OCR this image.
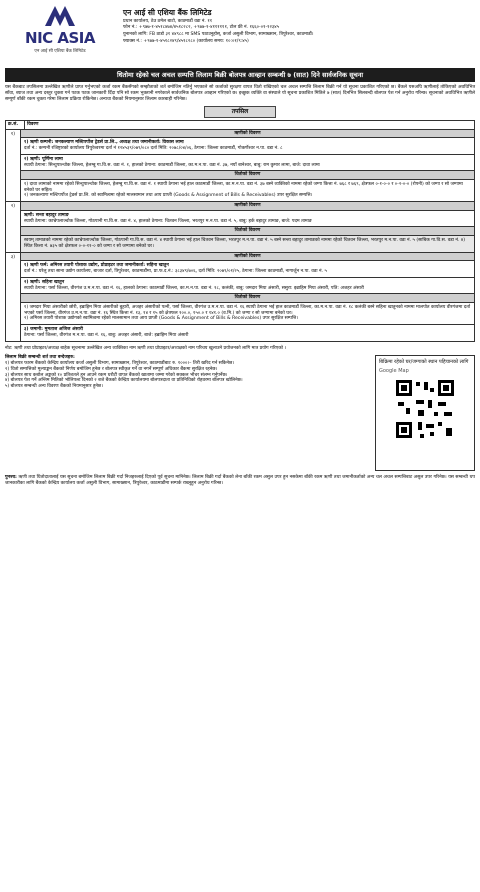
NIC ASIA
एन आई सी एशिया बैंक लिमिटेड
एन आई सी एशिया बैंक लिमिटेड
प्रधान कार्यालय, ठेउ ठमेल बाटो, काठमाडौं वडा नं. ११
फोन नं.: +९७७-१-४५१८४७४/४५१८२८२, +९७७-१-४११११११, टोल फ्री नं. १६६०-०१-१२३४५
युनानको लागि: FB ठाडो ३१ ४४९८८ मा SMS पठाउनुहोस्, कर्जा असुली विभाग, सामाख्सान, त्रिपुरेश्वर, काठमाडौं।
फ्याक्स नं.: +९७७-१-४५१८२४९/४५१८२८० (कार्यालय समय: १०:०१/९:४५)
धितोमा रहेको चल अचल सम्पत्ति लिलाम बिक्री बोलपत्र आव्हान सम्बन्धी ७ (सात) दिने सार्वजनिक सूचना
यस बैंकबाट तपसिलमा उल्लेखित ऋणीले प्राप्त गर्नुभएको कर्जा रकम बैंकसँगको सम्झौताको शर्त बमोजिम नतिर्नु भएकाले सो कर्जाको सुरक्षण वापत धितो राखिएको चल अचल सम्पत्ति लिलाम बिक्री गर्न यो सूचना प्रकाशित गरिएको छ। बैंकले यसअघि ऋणीलाई तोकिएको अवधिभित्र साँवा, ब्याज तथा अन्य दस्तुर चुक्ता गर्न पटक पटक जानकारी दिँदा पनि सो रकम भुक्तानी नगरेकाले सार्वजनिक बोलपत्र आव्हान गरिएको छ। इच्छुक व्यक्ति वा संस्थाले यो सूचना प्रकाशित मितिले ७ (सात) दिनभित्र सिलबन्दी बोलपत्र पेश गर्न अनुरोध गरिन्छ। सूचनाको अवधिभित्र ऋणीले सम्पूर्ण बाँकी रकम चुक्ता गरेमा लिलाम प्रक्रिया रोकिनेछ। अन्यथा बैंकको नियमानुसार लिलाम कारबाही गरिनेछ।
तपसिल
क्र.सं.	विवरण
१)	ऋणीको विवरण
१) ऋणी कम्पनी: जनकल्याण मल्टिपर्पोज ट्रेडर्स प्रा.लि., अध्यक्ष तथा जमानीकर्ता: विकास लामा
दर्ता नं.: कम्पनी रजिष्ट्रारको कार्यालय त्रिपुरेश्वरमा दर्ता नं १२४५३९/०७९/०८० दर्ता मिति: २०७८/०४/०६, ठेगाना: जिल्ला काठमाडौं, गोकर्णेश्वर न.पा. वडा नं. ८
२) ऋणी: पूर्णिमा लामा
स्थायी ठेगाना: सिन्धुपाल्चोक जिल्ला, हेलम्बु गा.वि.स. वडा नं. १, हालको ठेगाना: काठमाडौं जिल्ला, का.म.न.पा. वडा नं. ३७, नयाँ बानेश्वर, बाबु: राम कुमार लामा, बाजे: दावा लामा
धितोको विवरण
१) दावा लामाको नाममा रहेको सिन्धुपाल्चोक जिल्ला, हेलम्बु गा.वि.स. वडा नं. १ स्थायी ठेगाना भई हाल काठमाडौं जिल्ला, का.म.न.पा. वडा नं. ३७ बस्ने व्यक्तिको नाममा रहेको जग्गा कित्ता नं. ७६८ र ७६९, क्षेत्रफल ०-१-०-० र ०-२-०-० (रोपनी) को जग्गा र सो जग्गामा बनेको घर सहित।
२) जनकल्याण मल्टिपर्पोज ट्रेडर्स प्रा.लि. को स्वामित्वमा रहेको मालसामान तथा आय प्राप्ती (Goods & Assignment of Bills & Receivables) उपर सुरक्षित सम्पत्ति।
२)	ऋणीको विवरण
ऋणी: सन्ता बहादुर तामाङ
स्थायी ठेगाना: काभ्रेपलाञ्चोक जिल्ला, गोठपानी गा.वि.स. वडा नं. ४, हालको ठेगाना: चितवन जिल्ला, भरतपुर म.न.पा. वडा नं. ५, बाबु: हर्क बहादुर तामाङ, बाजे: पदम तामाङ
धितोको विवरण
स्वयम् तामाङको नाममा रहेको काभ्रेपलाञ्चोक जिल्ला, गोठपानी गा.वि.स. वडा नं. ४ स्थायी ठेगाना भई हाल चितवन जिल्ला, भरतपुर म.न.पा. वडा नं. ५ बस्ने सन्ता बहादुर तामाङको नाममा रहेको चितवन जिल्ला, भरतपुर म.न.पा. वडा नं. ५ (साबिक गा.वि.स. वडा नं. ४) स्थित कित्ता नं. ७३५ को क्षेत्रफल ०-०-११-० को जग्गा र सो जग्गामा बनेको घर।
३)	ऋणीको विवरण
१) ऋणी फर्म: अमिरस तयारी पोशाक उद्योग, प्रोप्राइटर तथा जमानीकर्ता: सहिना खातुन
दर्ता नं.: घरेलु तथा साना उद्योग कार्यालय, बाजार दर्ता, त्रिपुरेश्वर, काठमाडौंमा, प्रा.फ.द.नं.: ३८३४९/७०६, दर्ता मिति: २०७९/०१/२५, ठेगाना: जिल्ला काठमाडौं, नागार्जुन न.पा. वडा नं. ५
२) ऋणी: सहिना खातुन
स्थायी ठेगाना: पर्सा जिल्ला, वीरगंज उ.म.न.पा. वडा नं. १६, हालको ठेगाना: काठमाडौं जिल्ला, का.म.न.पा. वडा नं. १८, कलंकी, बाबु: जमदार मिया अंसारी, ससुरा: इब्राहिम मिया अंसारी, पति: अजहर अंसारी
धितोको विवरण
१) जमदार मिया अंसारीको छोरी, इब्राहिम मिया अंसारीको बुहारी, अजहर अंसारीको पत्नी, पर्सा जिल्ला, वीरगंज उ.म.न.पा. वडा नं. १६ स्थायी ठेगाना भई हाल काठमाडौं जिल्ला, का.म.न.पा. वडा नं. १८ कलंकी बस्ने सहिना खातुनको नाममा मालपोत कार्यालय वीरगंजमा दर्ता भएको पर्सा जिल्ला, वीरगंज उ.म.न.पा. वडा नं. १६ स्थित कित्ता नं. १३, १४ र १५ को क्षेत्रफल १००.०, १५०.० र १४१.० (व.मि.) को जग्गा र सो जग्गामा बनेको घर।
२) अमिरस तयारी पोशाक उद्योगको स्वामित्वमा रहेको मालसामान तथा आय प्राप्ती (Goods & Assignment of Bills & Receivables) उपर सुरक्षित सम्पत्ति।
३) जमानी: मुमताज अजिज अंसारी
ठेगाना: पर्सा जिल्ला, वीरगंज म.न.पा. वडा नं. १६, बाबु: अजहर अंसारी, बाजे: इब्राहिम मिया अंसारी
नोट: ऋणी तथा प्रोप्राइटर/अध्यक्ष बाहेक सूचनामा उल्लेखित अन्य व्यक्तिका नाम ऋणी तथा प्रोप्राइटर/अध्यक्षको नाम परिचय खुलाउने प्रयोजनको लागि मात्र प्रयोग गरिएको ।
लिलाम बिक्री सम्बन्धी शर्त तथा बन्देजहरु:
१) बोलपत्र फारम बैंकको केन्द्रिय कार्यालय कर्जा असुली विभाग, सामाख्सान, त्रिपुरेश्वर, काठमाडौंबाट रु. १०००।– तिरी खरिद गर्न सकिनेछ।
२) धितो सम्पत्तिको मूल्याङ्कन बैंकको निर्णय बमोजिम हुनेछ र बोलपत्र स्वीकृत गर्ने वा नगर्ने सम्पूर्ण अधिकार बैंकमा सुरक्षित रहनेछ।
३) बोलपत्र साथ कबोल अङ्कको १० प्रतिशतले हुन आउने रकम धरौटी वापत बैंकको खातामा जम्मा गरेको सक्कल भौचर संलग्न गर्नुपर्नेछ।
४) बोलपत्र पेश गर्ने अन्तिम मितिको भोलिपल्ट दिनको २ बजे बैंकको केन्द्रिय कार्यालयमा बोलपत्रदाता वा प्रतिनिधिको रोहवरमा बोलपत्र खोलिनेछ।
५) बोलपत्र सम्बन्धी अन्य विवरण बैंकको नियमानुसार हुनेछ।
बिक्रिमा रहेको घर/जग्गाको स्थान पहिचानको लागि
Google Map
पुनश्च: ऋणी तथा धितोदातालाई यस सूचना बमोजिम लिलाम बिक्री गर्दा निजहरुलाई दिएको पूर्व सूचना मानिनेछ। लिलाम बिक्री गर्दा बैंकको लेना बाँकी रकम असुल उपर हुन नसकेमा बाँकी रकम ऋणी तथा जमानीकर्ताको अन्य चल अचल सम्पत्तिबाट असुल उपर गरिनेछ। यस सम्बन्धी थप जानकारीका लागि बैंकको केन्द्रिय कार्यालय कर्जा असुली विभाग, सामाख्सान, त्रिपुरेश्वर, काठमाडौंमा सम्पर्क राख्नुहुन अनुरोध गरिन्छ।
